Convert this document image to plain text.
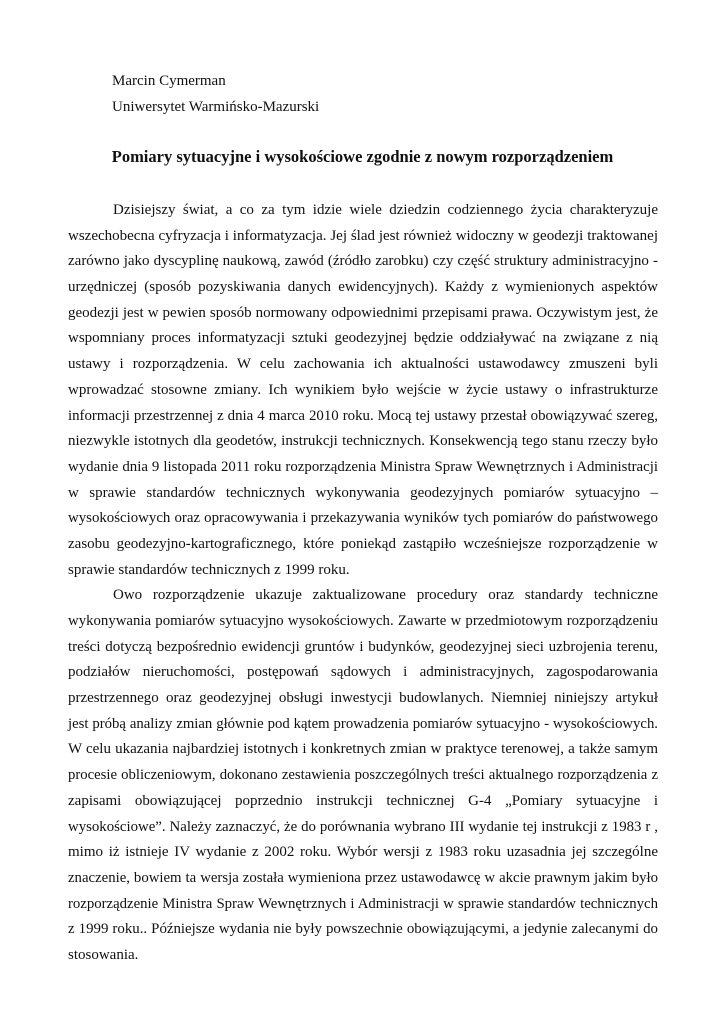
Marcin Cymerman
Uniwersytet Warmińsko-Mazurski
Pomiary sytuacyjne i wysokościowe zgodnie z nowym rozporządzeniem
Dzisiejszy świat, a co za tym idzie wiele dziedzin codziennego życia charakteryzuje
wszechobecna cyfryzacja i informatyzacja. Jej ślad jest również widoczny w geodezji traktowanej
zarówno jako dyscyplinę naukową, zawód (źródło zarobku) czy część struktury administracyjno -
urzędniczej (sposób pozyskiwania danych ewidencyjnych). Każdy z wymienionych aspektów
geodezji jest w pewien sposób normowany odpowiednimi przepisami prawa. Oczywistym jest, że
wspomniany proces informatyzacji sztuki geodezyjnej będzie oddziaływać na związane z nią
ustawy i rozporządzenia. W celu zachowania ich aktualności ustawodawcy zmuszeni byli
wprowadzać stosowne zmiany. Ich wynikiem było wejście w życie ustawy o infrastrukturze
informacji przestrzennej z dnia 4 marca 2010 roku. Mocą tej ustawy przestał obowiązywać szereg,
niezwykle istotnych dla geodetów, instrukcji technicznych. Konsekwencją tego stanu rzeczy było
wydanie dnia 9 listopada 2011 roku rozporządzenia Ministra Spraw Wewnętrznych i Administracji
w sprawie standardów technicznych wykonywania geodezyjnych pomiarów sytuacyjno –
wysokościowych oraz opracowywania i przekazywania wyników tych pomiarów do państwowego
zasobu geodezyjno-kartograficznego, które poniekąd zastąpiło wcześniejsze rozporządzenie w
sprawie standardów technicznych z 1999 roku.
Owo rozporządzenie ukazuje zaktualizowane procedury oraz standardy techniczne
wykonywania pomiarów sytuacyjno wysokościowych. Zawarte w przedmiotowym rozporządzeniu
treści dotyczą bezpośrednio ewidencji gruntów i budynków, geodezyjnej sieci uzbrojenia terenu,
podziałów nieruchomości, postępowań sądowych i administracyjnych, zagospodarowania
przestrzennego oraz geodezyjnej obsługi inwestycji budowlanych. Niemniej niniejszy artykuł
jest próbą analizy zmian głównie pod kątem prowadzenia pomiarów sytuacyjno - wysokościowych.
W celu ukazania najbardziej istotnych i konkretnych zmian w praktyce terenowej, a także samym
procesie obliczeniowym, dokonano zestawienia poszczególnych treści aktualnego rozporządzenia z
zapisami obowiązującej poprzednio instrukcji technicznej G-4 „Pomiary sytuacyjne i
wysokościowe”. Należy zaznaczyć, że do porównania wybrano III wydanie tej instrukcji z 1983 r ,
mimo iż istnieje IV wydanie z 2002 roku. Wybór wersji z 1983 roku uzasadnia jej szczególne
znaczenie, bowiem ta wersja została wymieniona przez ustawodawcę w akcie prawnym jakim było
rozporządzenie Ministra Spraw Wewnętrznych i Administracji w sprawie standardów technicznych
z 1999 roku.. Późniejsze wydania nie były powszechnie obowiązującymi, a jedynie zalecanymi do
stosowania.
